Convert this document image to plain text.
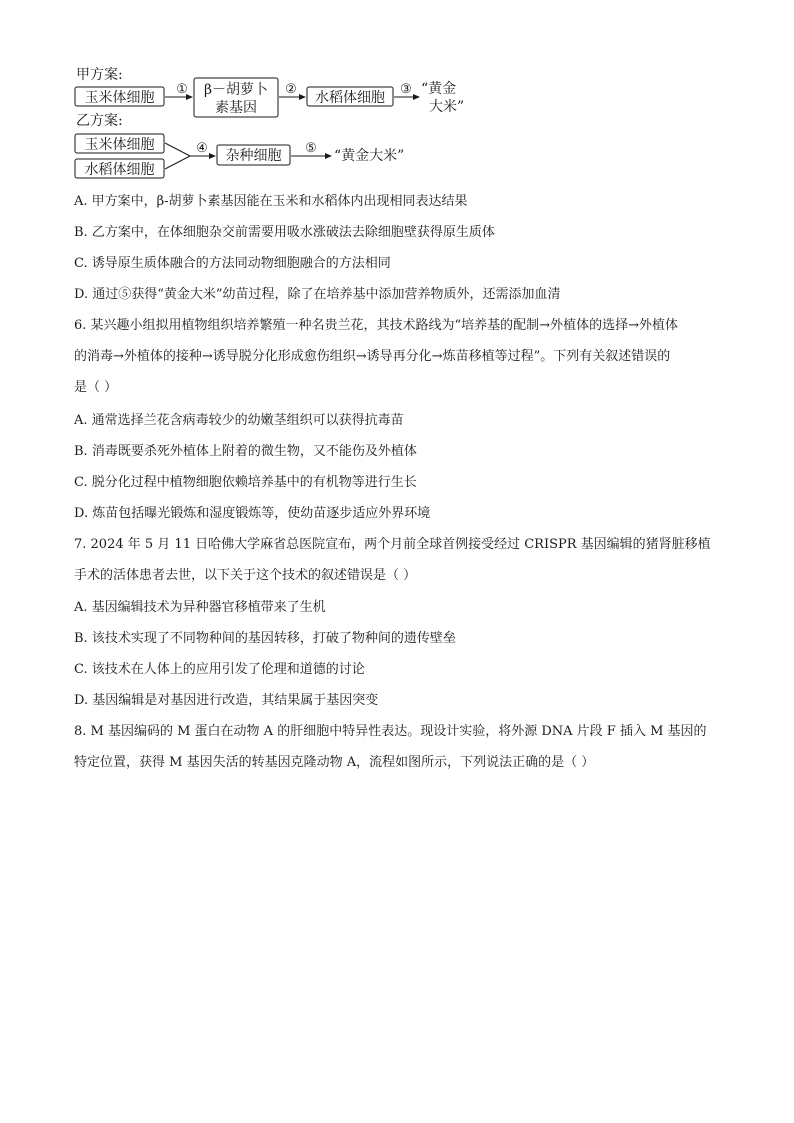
甲方案:
玉米体细胞
① β－胡萝卜
素基因
②
水稻体细胞
③ “黄金
大米”
乙方案:
玉米体细胞
水稻体细胞
④ 杂种细胞 ⑤ “黄金大米”
A. 甲方案中，β-胡萝卜素基因能在玉米和水稻体内出现相同表达结果
B. 乙方案中，在体细胞杂交前需要用吸水涨破法去除细胞壁获得原生质体
C. 诱导原生质体融合的方法同动物细胞融合的方法相同
D. 通过⑤获得“黄金大米”幼苗过程，除了在培养基中添加营养物质外，还需添加血清
6. 某兴趣小组拟用植物组织培养繁殖一种名贵兰花，其技术路线为“培养基的配制→外植体的选择→外植体
的消毒→外植体的接种→诱导脱分化形成愈伤组织→诱导再分化→炼苗移植等过程”。下列有关叙述错误的
是（ ）
A. 通常选择兰花含病毒较少的幼嫩茎组织可以获得抗毒苗
B. 消毒既要杀死外植体上附着的微生物，又不能伤及外植体
C. 脱分化过程中植物细胞依赖培养基中的有机物等进行生长
D. 炼苗包括曝光锻炼和湿度锻炼等，使幼苗逐步适应外界环境
7. 2024 年 5 月 11 日哈佛大学麻省总医院宣布，两个月前全球首例接受经过 CRISPR 基因编辑的猪肾脏移植
手术的活体患者去世，以下关于这个技术的叙述错误是（ ）
A. 基因编辑技术为异种器官移植带来了生机
B. 该技术实现了不同物种间的基因转移，打破了物种间的遗传壁垒
C. 该技术在人体上的应用引发了伦理和道德的讨论
D. 基因编辑是对基因进行改造，其结果属于基因突变
8. M 基因编码的 M 蛋白在动物 A 的肝细胞中特异性表达。现设计实验，将外源 DNA 片段 F 插入 M 基因的
特定位置，获得 M 基因失活的转基因克隆动物 A，流程如图所示，下列说法正确的是（ ）
